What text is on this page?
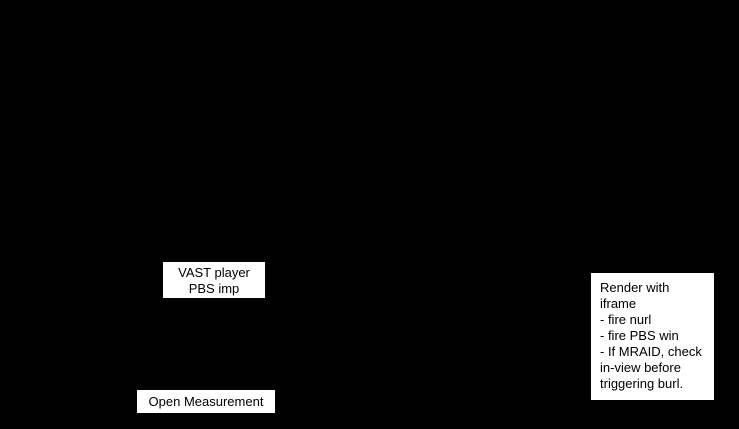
VAST player
PBS imp
Open Measurement
Render with
iframe
- fire nurl
- fire PBS win
- If MRAID, check
in-view before
triggering burl.
